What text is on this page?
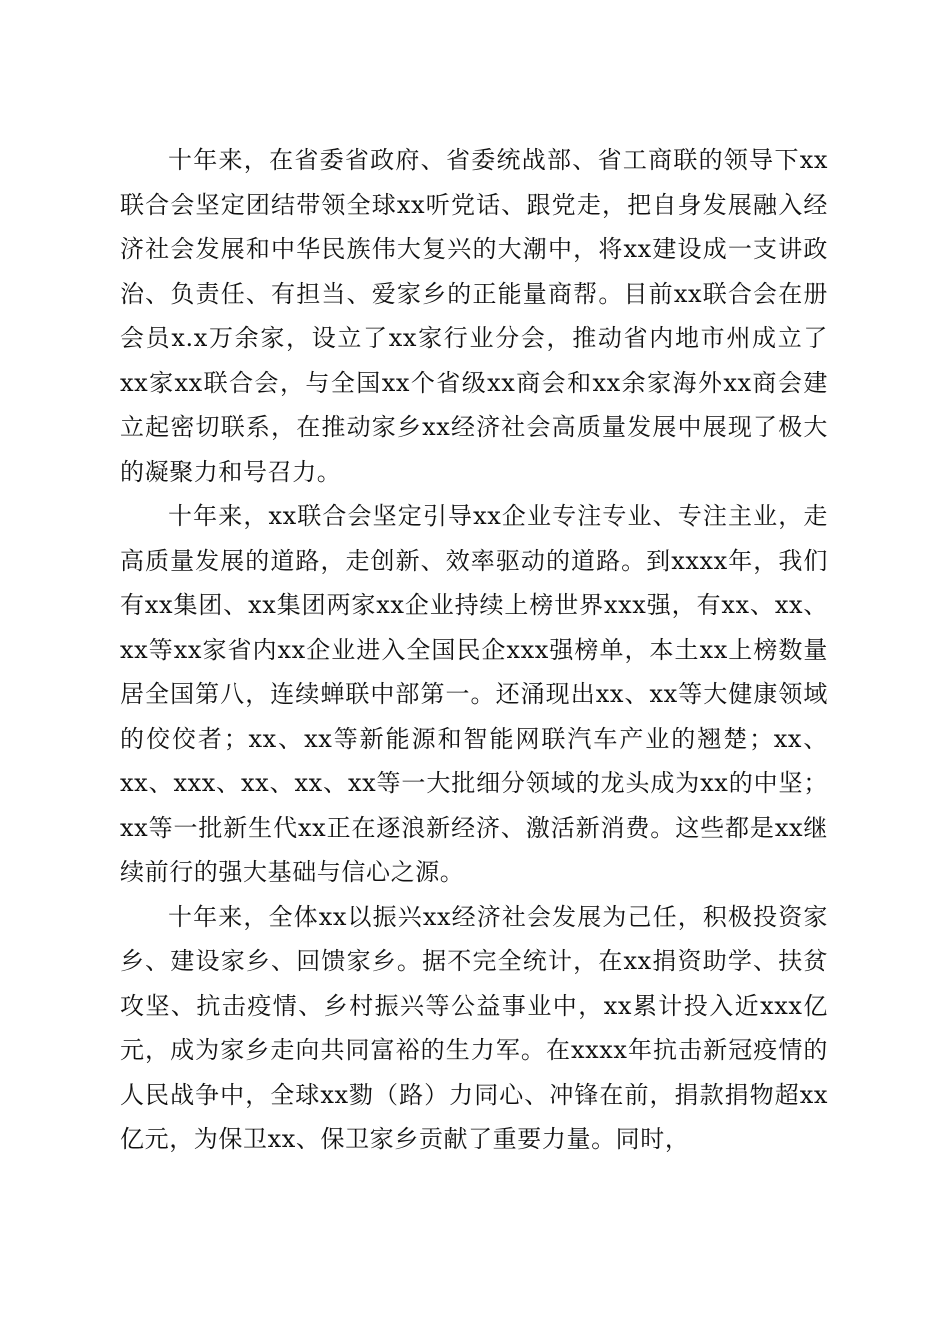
十年来，在省委省政府、省委统战部、省工商联的领导下xx联合会坚定团结带领全球xx听党话、跟党走，把自身发展融入经济社会发展和中华民族伟大复兴的大潮中，将xx建设成一支讲政治、负责任、有担当、爱家乡的正能量商帮。目前xx联合会在册会员x.x万余家，设立了xx家行业分会，推动省内地市州成立了xx家xx联合会，与全国xx个省级xx商会和xx余家海外xx商会建立起密切联系，在推动家乡xx经济社会高质量发展中展现了极大的凝聚力和号召力。

十年来，xx联合会坚定引导xx企业专注专业、专注主业，走高质量发展的道路，走创新、效率驱动的道路。到xxxx年，我们有xx集团、xx集团两家xx企业持续上榜世界xxx强，有xx、xx、xx等xx家省内xx企业进入全国民企xxx强榜单，本土xx上榜数量居全国第八，连续蝉联中部第一。还涌现出xx、xx等大健康领域的佼佼者；xx、xx等新能源和智能网联汽车产业的翘楚；xx、xx、xxx、xx、xx、xx等一大批细分领域的龙头成为xx的中坚；xx等一批新生代xx正在逐浪新经济、激活新消费。这些都是xx继续前行的强大基础与信心之源。

十年来，全体xx以振兴xx经济社会发展为己任，积极投资家乡、建设家乡、回馈家乡。据不完全统计，在xx捐资助学、扶贫攻坚、抗击疫情、乡村振兴等公益事业中，xx累计投入近xxx亿元，成为家乡走向共同富裕的生力军。在xxxx年抗击新冠疫情的人民战争中，全球xx勠（路）力同心、冲锋在前，捐款捐物超xx亿元，为保卫xx、保卫家乡贡献了重要力量。同时，
